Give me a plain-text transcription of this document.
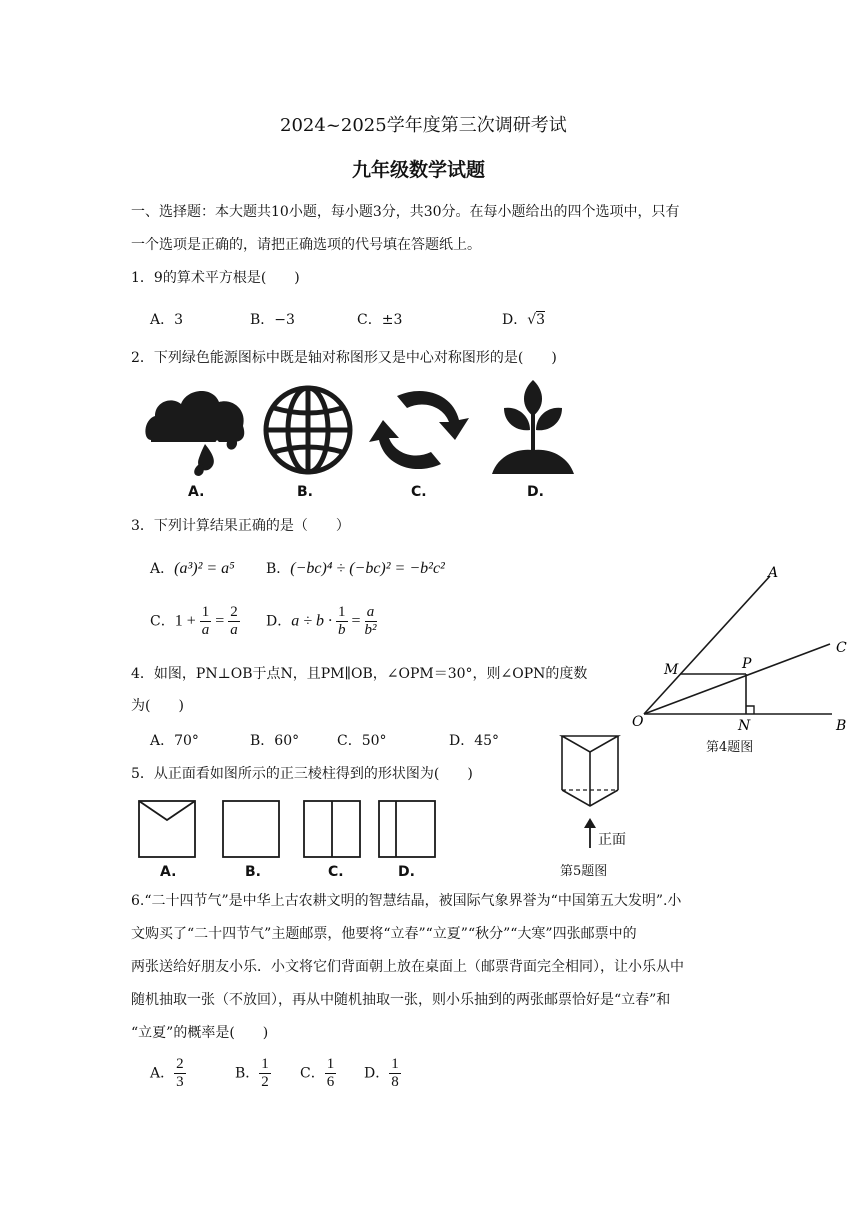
2024~2025学年度第三次调研考试
九年级数学试题
一、选择题：本大题共10小题，每小题3分，共30分。在每小题给出的四个选项中，只有
一个选项是正确的，请把正确选项的代号填在答题纸上。
1．9的算术平方根是(　　)
A．3	B．−3	C．±3	D．√3
2．下列绿色能源图标中既是轴对称图形又是中心对称图形的是(　　)
A.	B.	C.	D.
3．下列计算结果正确的是（　　）
A．(a³)² = a⁵ B．(−bc)⁴ ÷ (−bc)² = −b²c²
C．$1 + \frac{1}{a} = \frac{2}{a}$ D．$a \div b \cdot \frac{1}{b} = \frac{a}{\text{b²}}$
A
C
M	P
O	N	B
第4题图
4．如图，PN⊥OB于点N，且PM∥OB，∠OPM＝30°，则∠OPN的度数
为(　　)
A．70°	B．60°	C．50°	D．45°
5．从正面看如图所示的正三棱柱得到的形状图为(　　)
A.	B.	C.	D.
正面
第5题图
6.“二十四节气”是中华上古农耕文明的智慧结晶，被国际气象界誉为“中国第五大发明”.小
文购买了“二十四节气”主题邮票，他要将“立春”“立夏”“秋分”“大寒”四张邮票中的
两张送给好朋友小乐．小文将它们背面朝上放在桌面上（邮票背面完全相同），让小乐从中
随机抽取一张（不放回），再从中随机抽取一张，则小乐抽到的两张邮票恰好是“立春”和
“立夏”的概率是(　　)
A． $\frac{2}{3}$	B． $\frac{1}{2}$ C． $\frac{1}{6}$ D． $\frac{1}{8}$
